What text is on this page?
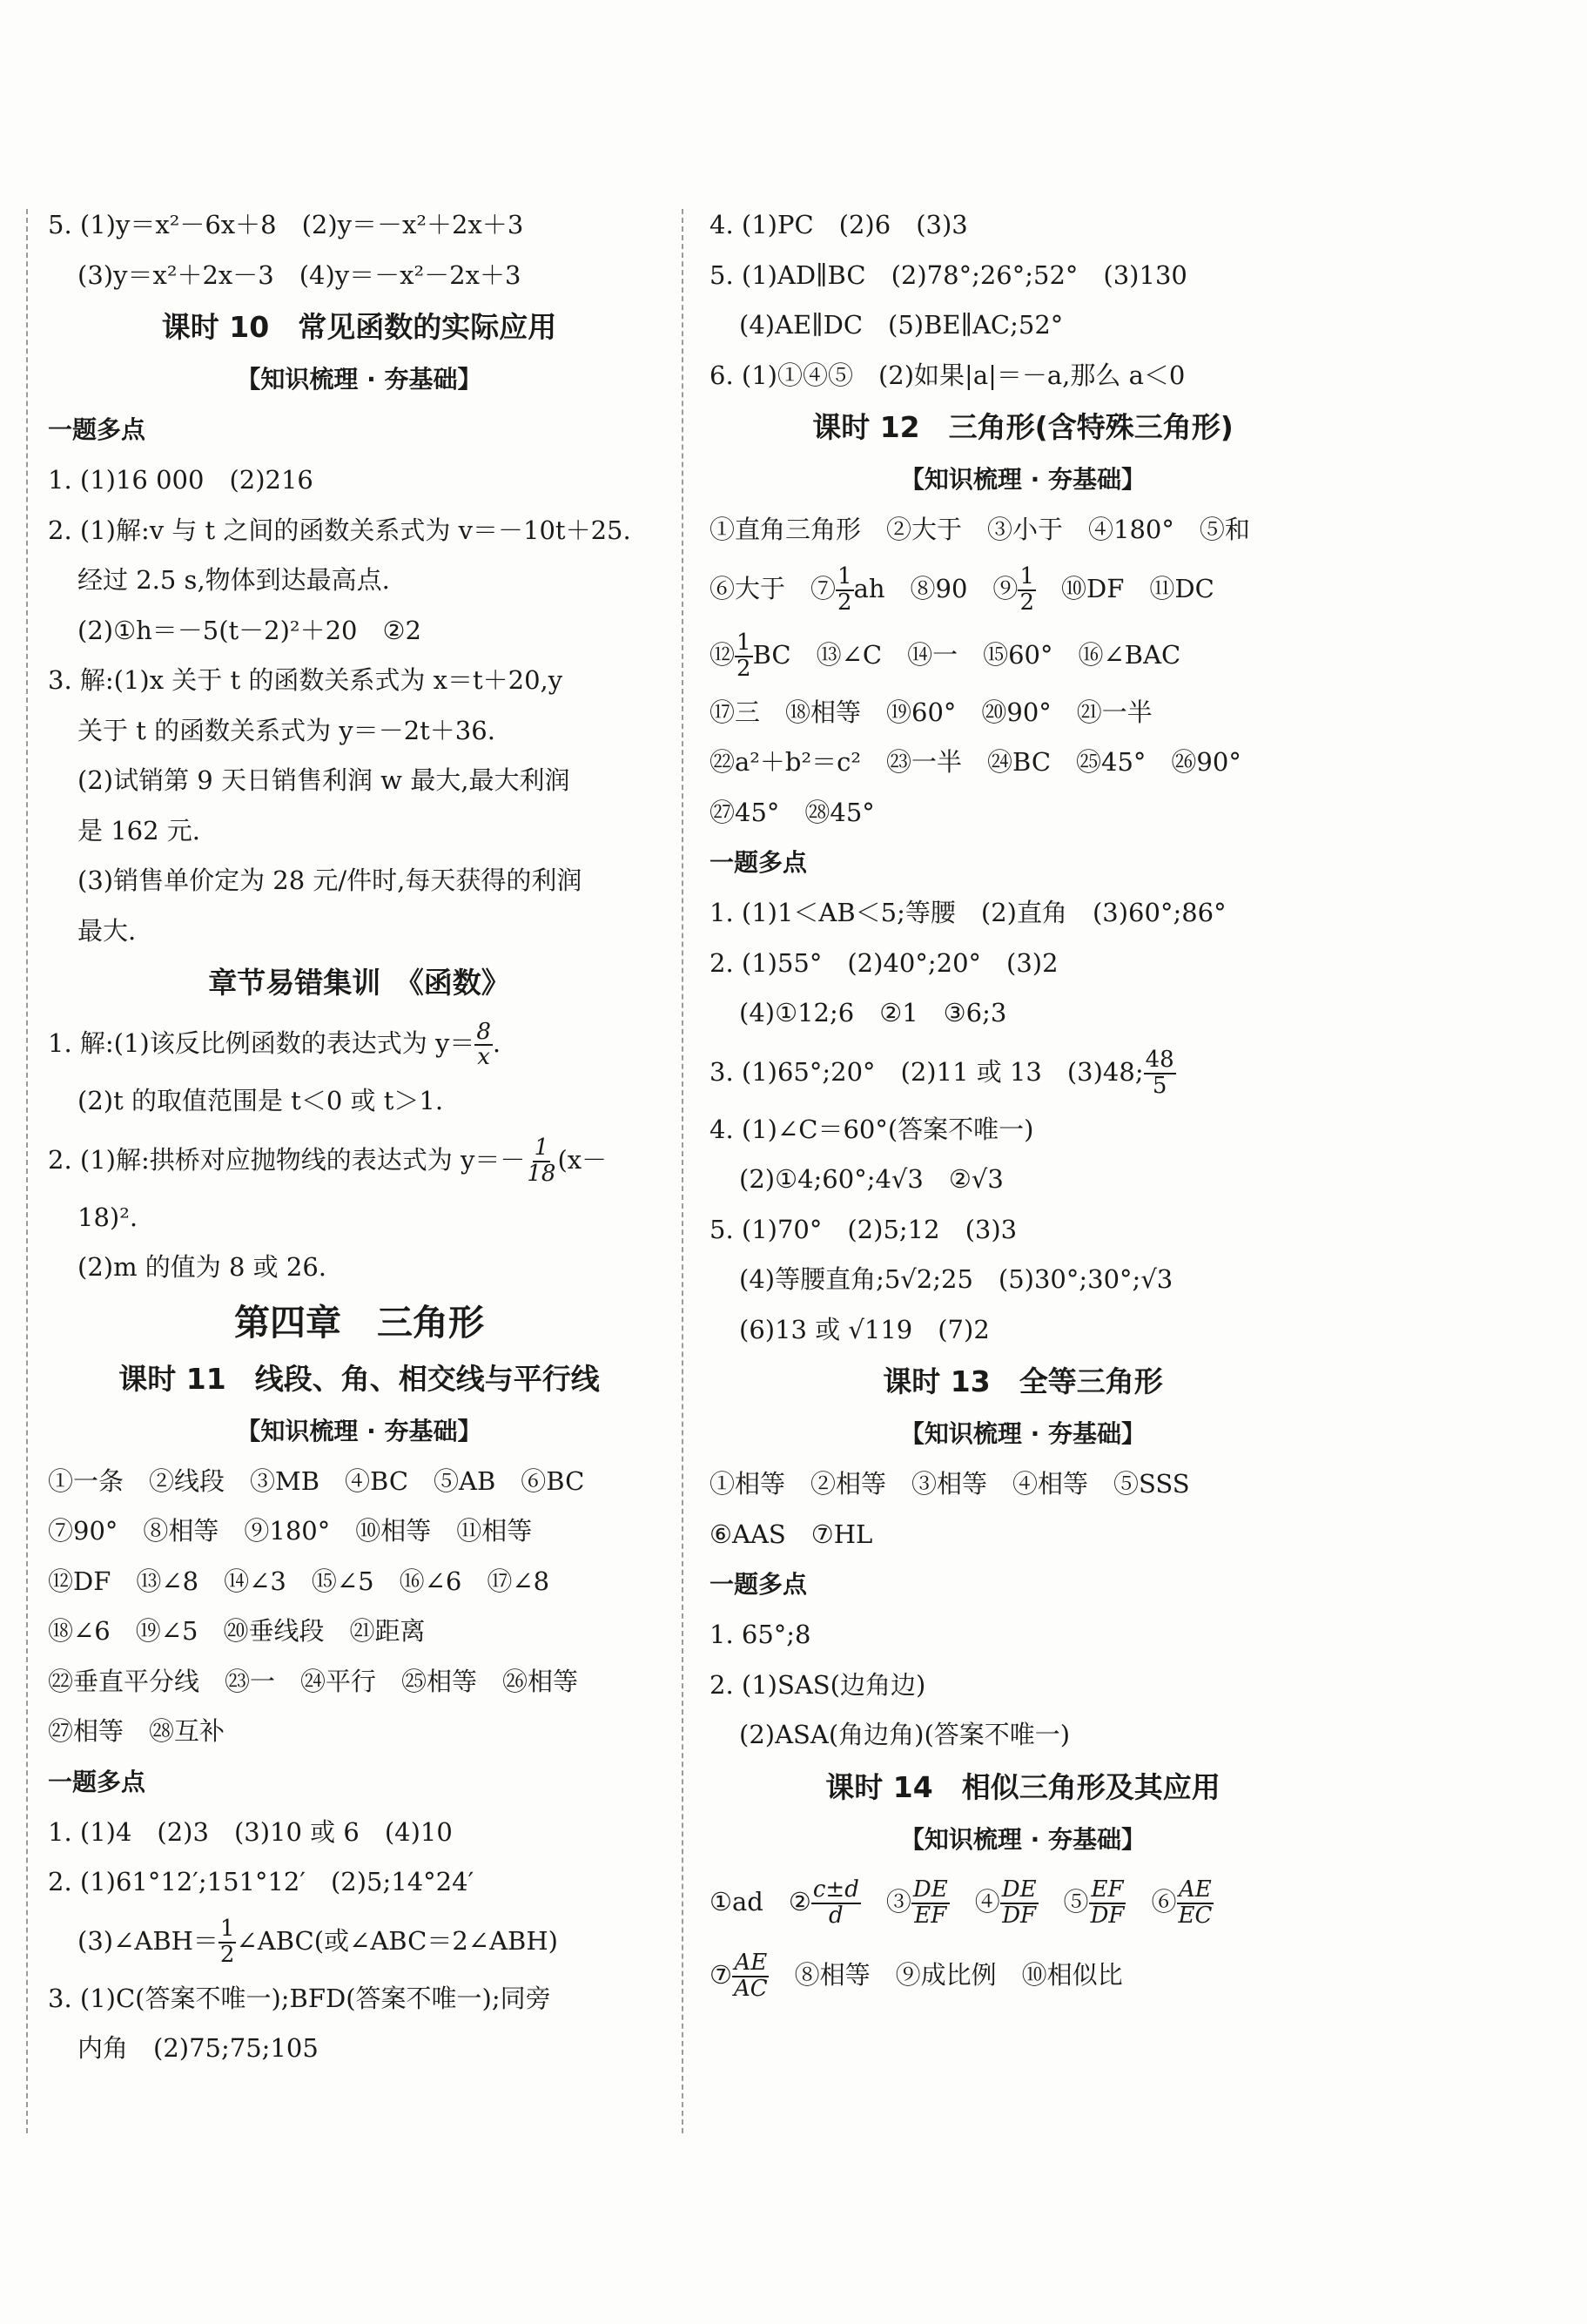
5. (1)y＝x²－6x＋8　(2)y＝－x²＋2x＋3
(3)y＝x²＋2x－3　(4)y＝－x²－2x＋3
课时 10　常见函数的实际应用
【知识梳理 · 夯基础】
一题多点
1. (1)16 000　(2)216
2. (1)解:v 与 t 之间的函数关系式为 v＝－10t＋25.
经过 2.5 s,物体到达最高点.
(2)①h＝－5(t－2)²＋20　②2
3. 解:(1)x 关于 t 的函数关系式为 x＝t＋20,y
关于 t 的函数关系式为 y＝－2t＋36.
(2)试销第 9 天日销售利润 w 最大,最大利润
是 162 元.
(3)销售单价定为 28 元/件时,每天获得的利润
最大.
章节易错集训　《函数》
1. 解:(1)该反比例函数的表达式为 $y= \frac{8}{x}$ .
(2)t 的取值范围是 t＜0 或 t＞1.
2. (1)解:拱桥对应抛物线的表达式为 $y=- \frac{1}{18} (x-$
18)².
(2)m 的值为 8 或 26.
第四章　三角形
课时 11　线段、角、相交线与平行线
【知识梳理 · 夯基础】
①一条　②线段　③MB　④BC　⑤AB　⑥BC
⑦90°　⑧相等　⑨180°　⑩相等　⑪相等
⑫DF　⑬∠8　⑭∠3　⑮∠5　⑯∠6　⑰∠8
⑱∠6　⑲∠5　⑳垂线段　㉑距离
㉒垂直平分线　㉓一　㉔平行　㉕相等　㉖相等
㉗相等　㉘互补
一题多点
1. (1)4　(2)3　(3)10 或 6　(4)10
2. (1)61°12′;151°12′　(2)5;14°24′
(3)∠ABH＝ $\frac{1}{2}$ ∠ABC(或∠ABC＝2∠ABH)
3. (1)C(答案不唯一);BFD(答案不唯一);同旁
内角　(2)75;75;105
4. (1)PC　(2)6　(3)3
5. (1)AD∥BC　(2)78°;26°;52°　(3)130
(4)AE∥DC　(5)BE∥AC;52°
6. (1)①④⑤　(2)如果|a|＝－a,那么 a＜0
课时 12　三角形(含特殊三角形)
【知识梳理 · 夯基础】
①直角三角形　②大于　③小于　④180°　⑤和
⑥大于　⑦ $\frac{1}{2}$ ah　⑧90　⑨ $\frac{1}{2}$ 　⑩DF　⑪DC
⑫ $\frac{1}{2}$ BC　⑬∠C　⑭一　⑮60°　⑯∠BAC
⑰三　⑱相等　⑲60°　⑳90°　㉑一半
㉒a²＋b²＝c²　㉓一半　㉔BC　㉕45°　㉖90°
㉗45°　㉘45°
一题多点
1. (1)1＜AB＜5;等腰　(2)直角　(3)60°;86°
2. (1)55°　(2)40°;20°　(3)2
(4)①12;6　②1　③6;3
3. (1)65°;20°　(2)11 或 13　(3)48; $\frac{48}{5}$
4. (1)∠C＝60°(答案不唯一)
(2)①4;60°;4√3　②√3
5. (1)70°　(2)5;12　(3)3
(4)等腰直角;5√2;25　(5)30°;30°;√3
(6)13 或 √119　(7)2
课时 13　全等三角形
【知识梳理 · 夯基础】
①相等　②相等　③相等　④相等　⑤SSS
⑥AAS　⑦HL
一题多点
1. 65°;8
2. (1)SAS(边角边)
(2)ASA(角边角)(答案不唯一)
课时 14　相似三角形及其应用
【知识梳理 · 夯基础】
①ad　② $\frac{c\pm d}{d}$ 　③ $\frac{DE}{EF}$ 　④ $\frac{DE}{DF}$ 　⑤ $\frac{EF}{DF}$ 　⑥ $\frac{AE}{EC}$
⑦ $\frac{AE}{AC}$ 　⑧相等　⑨成比例　⑩相似比
